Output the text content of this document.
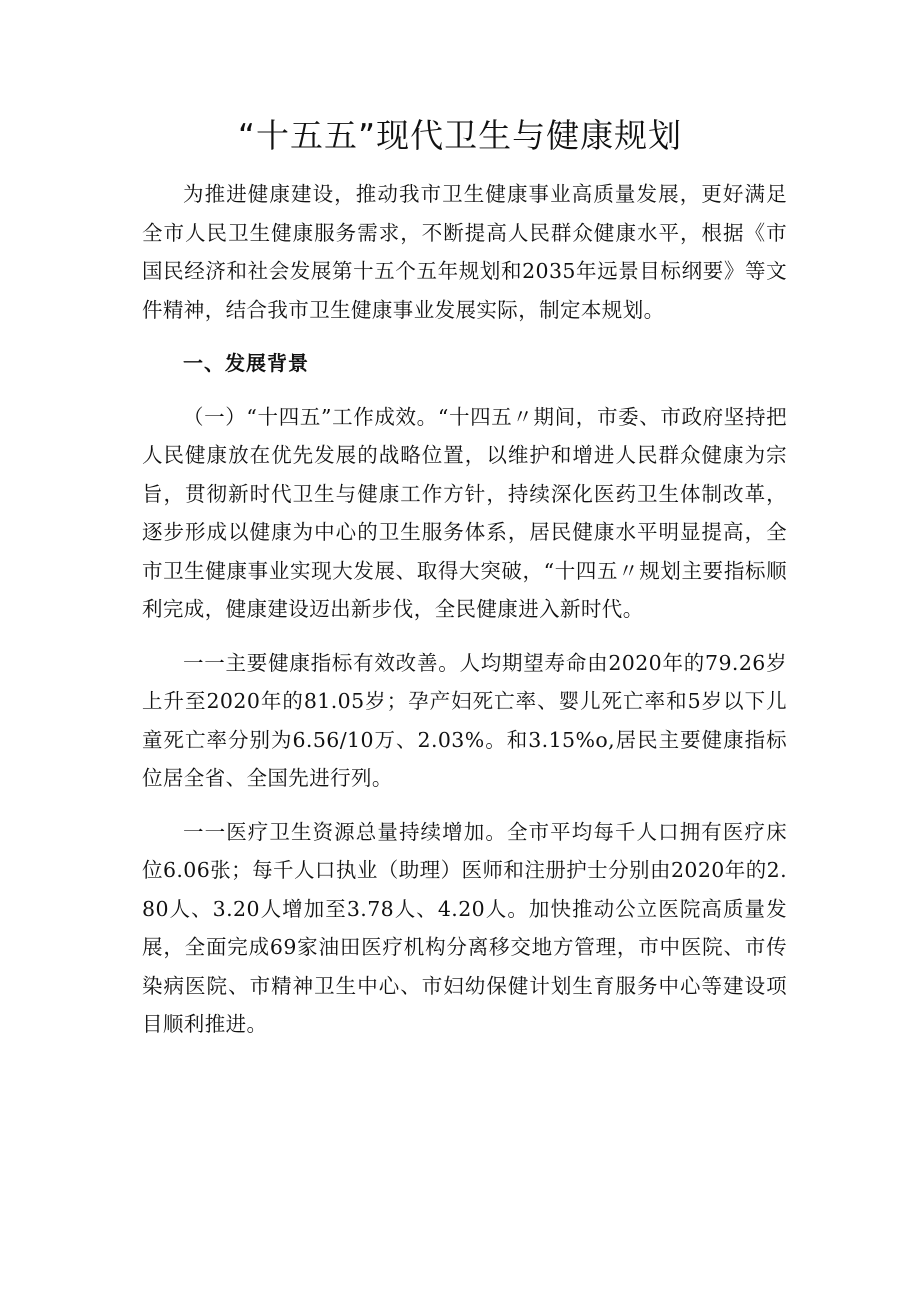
“十五五”现代卫生与健康规划

为推进健康建设，推动我市卫生健康事业高质量发展，更好满足全市人民卫生健康服务需求，不断提高人民群众健康水平，根据《市国民经济和社会发展第十五个五年规划和2035年远景目标纲要》等文件精神，结合我市卫生健康事业发展实际，制定本规划。

一、发展背景

（一）“十四五”工作成效。“十四五〃期间，市委、市政府坚持把人民健康放在优先发展的战略位置，以维护和增进人民群众健康为宗旨，贯彻新时代卫生与健康工作方针，持续深化医药卫生体制改革，逐步形成以健康为中心的卫生服务体系，居民健康水平明显提高，全市卫生健康事业实现大发展、取得大突破，“十四五〃规划主要指标顺利完成，健康建设迈出新步伐，全民健康进入新时代。

一一主要健康指标有效改善。人均期望寿命由2020年的79.26岁上升至2020年的81.05岁；孕产妇死亡率、婴儿死亡率和5岁以下儿童死亡率分别为6.56/10万、2.03%。和3.15%o,居民主要健康指标位居全省、全国先进行列。

一一医疗卫生资源总量持续增加。全市平均每千人口拥有医疗床位6.06张；每千人口执业（助理）医师和注册护士分别由2020年的2.80人、3.20人增加至3.78人、4.20人。加快推动公立医院高质量发展，全面完成69家油田医疗机构分离移交地方管理，市中医院、市传染病医院、市精神卫生中心、市妇幼保健计划生育服务中心等建设项目顺利推进。
